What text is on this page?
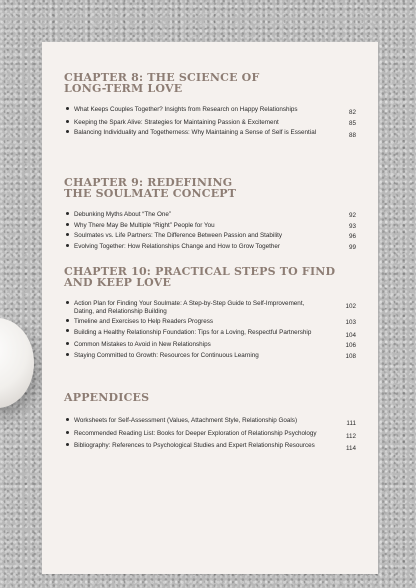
CHAPTER 8: THE SCIENCE OF
LONG-TERM LOVE
What Keeps Couples Together? Insights from Research on Happy Relationships	82
Keeping the Spark Alive: Strategies for Maintaining Passion & Excitement	85
Balancing Individuality and Togetherness: Why Maintaining a Sense of Self is Essential	88
CHAPTER 9: REDEFINING
THE SOULMATE CONCEPT
Debunking Myths About “The One”	92
Why There May Be Multiple “Right” People for You	93
Soulmates vs. Life Partners: The Difference Between Passion and Stability	96
Evolving Together: How Relationships Change and How to Grow Together	99
CHAPTER 10: PRACTICAL STEPS TO FIND
AND KEEP LOVE
Action Plan for Finding Your Soulmate: A Step-by-Step Guide to Self-Improvement, Dating, and Relationship Building
102
Timeline and Exercises to Help Readers Progress	103
Building a Healthy Relationship Foundation: Tips for a Loving, Respectful Partnership	104
Common Mistakes to Avoid in New Relationships	106
Staying Committed to Growth: Resources for Continuous Learning	108
APPENDICES
Worksheets for Self-Assessment (Values, Attachment Style, Relationship Goals)	111
Recommended Reading List: Books for Deeper Exploration of Relationship Psychology	112
Bibliography: References to Psychological Studies and Expert Relationship Resources	114
